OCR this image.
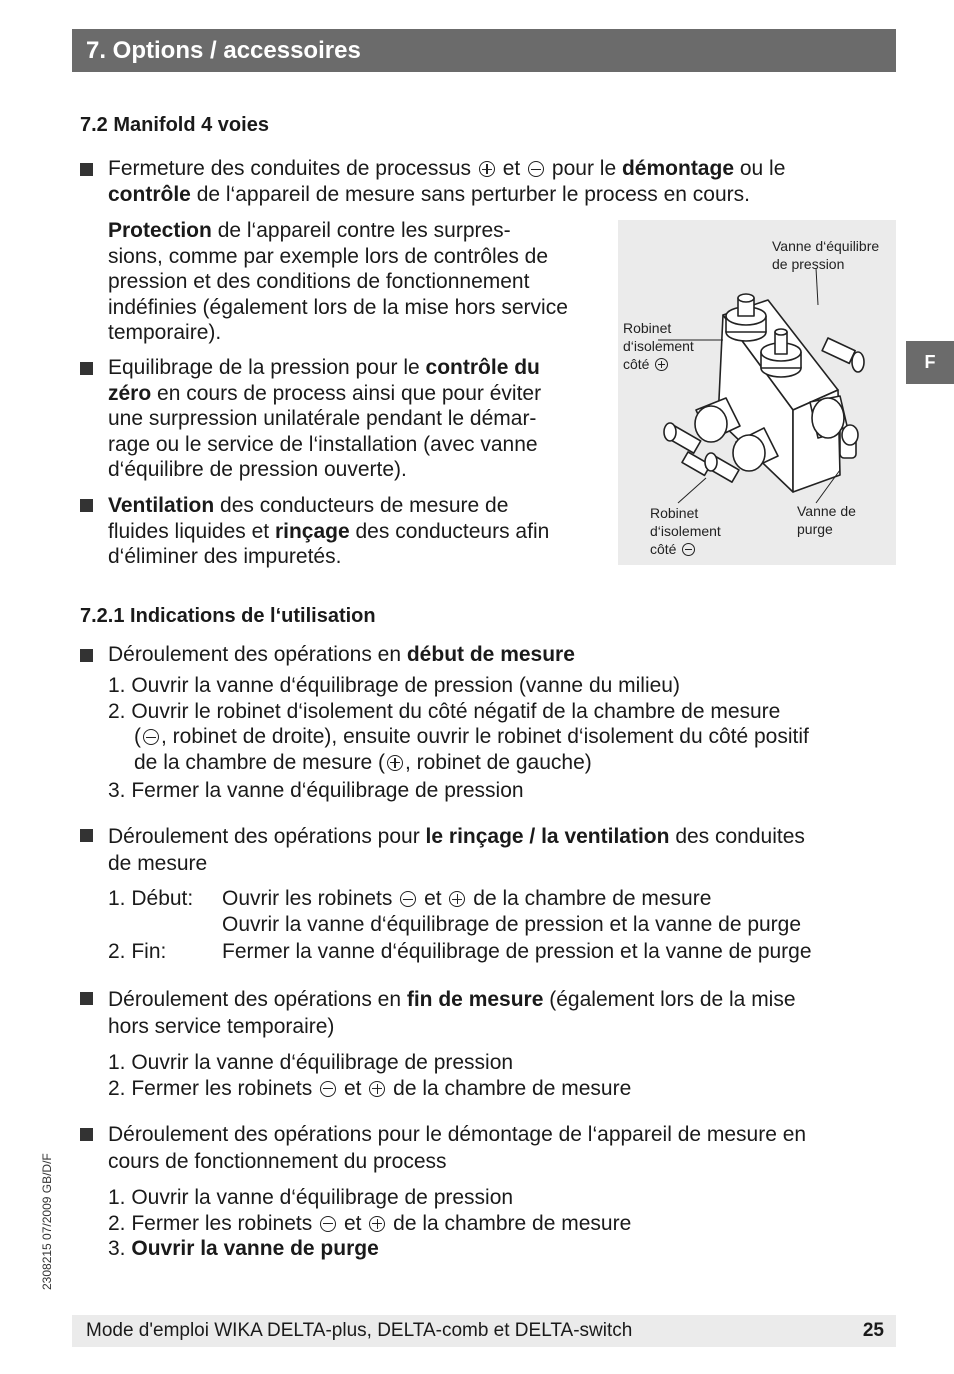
7. Options / accessoires
F
2308215 07/2009 GB/D/F
7.2 Manifold 4 voies
Fermeture des conduites de processus et pour le démontage ou le
contrôle de l‘appareil de mesure sans perturber le process en cours.
Protection de l‘appareil contre les surpres-
sions, comme par exemple lors de contrôles de
pression et des conditions de fonctionnement
indéfinies (également lors de la mise hors service
temporaire).
Equilibrage de la pression pour le contrôle du
zéro en cours de process ainsi que pour éviter
une surpression unilatérale pendant le démar-
rage ou le service de l‘installation (avec vanne
d‘équilibre de pression ouverte).
Ventilation des conducteurs de mesure de
fluides liquides et rinçage des conducteurs afin
d‘éliminer des impuretés.
Vanne d‘équilibre
de pression
Robinet
d‘isolement
côté
Robinet
d‘isolement
côté
Vanne de
purge
7.2.1 Indications de l‘utilisation
Déroulement des opérations en début de mesure
1. Ouvrir la vanne d‘équilibrage de pression (vanne du milieu)
2. Ouvrir le robinet d‘isolement du côté négatif de la chambre de mesure
( , robinet de droite), ensuite ouvrir le robinet d‘isolement du côté positif
de la chambre de mesure ( , robinet de gauche)
3. Fermer la vanne d‘équilibrage de pression
Déroulement des opérations pour le rinçage / la ventilation des conduites
de mesure
1. Début: Ouvrir les robinets et de la chambre de mesure
Ouvrir la vanne d‘équilibrage de pression et la vanne de purge
2. Fin:	Fermer la vanne d‘équilibrage de pression et la vanne de purge
Déroulement des opérations en fin de mesure (également lors de la mise
hors service temporaire)
1. Ouvrir la vanne d‘équilibrage de pression
2. Fermer les robinets et de la chambre de mesure
Déroulement des opérations pour le démontage de l‘appareil de mesure en
cours de fonctionnement du process
1. Ouvrir la vanne d‘équilibrage de pression
2. Fermer les robinets et de la chambre de mesure
3. Ouvrir la vanne de purge
Mode d'emploi WIKA DELTA-plus, DELTA-comb et DELTA-switch	25
